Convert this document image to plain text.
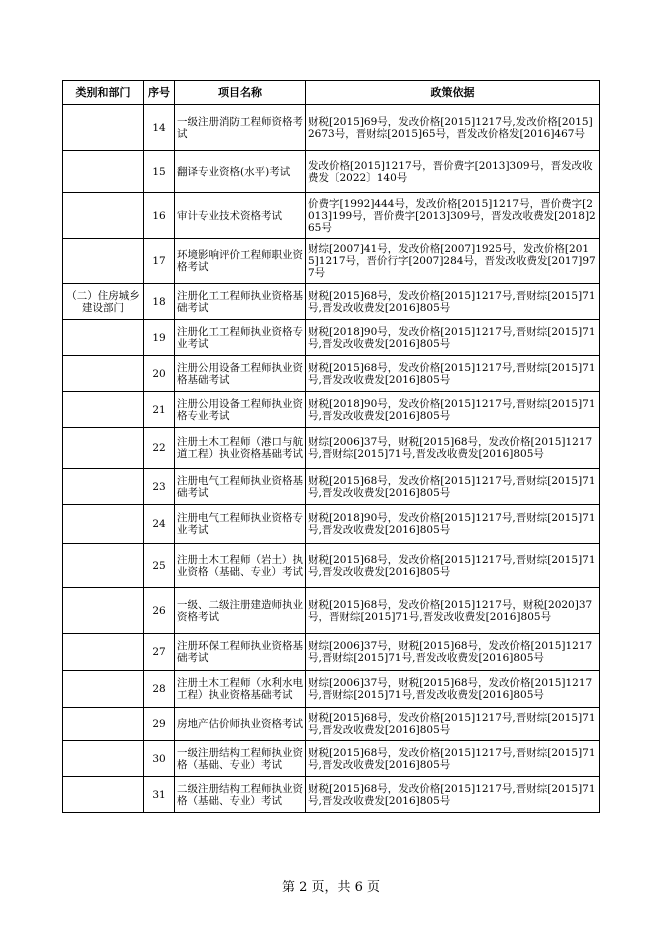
类别和部门	序号	项目名称	政策依据

	14	一级注册消防工程师资格考试	财税[2015]69号，发改价格[2015]1217号,发改价格[2015]2673号，晋财综[2015]65号，晋发改价格发[2016]467号

	15	翻译专业资格(水平)考试	发改价格[2015]1217号，晋价费字[2013]309号，晋发改收费发〔2022〕140号

	16	审计专业技术资格考试	价费字[1992]444号，发改价格[2015]1217号，晋价费字[2013]199号，晋价费字[2013]309号，晋发改收费发[2018]265号

	17	环境影响评价工程师职业资格考试	财综[2007]41号，发改价格[2007]1925号，发改价格[2015]1217号，晋价行字[2007]284号，晋发改收费发[2017]977号

（二）住房城乡建设部门	18	注册化工工程师执业资格基础考试	财税[2015]68号，发改价格[2015]1217号,晋财综[2015]71号,晋发改收费发[2016]805号

	19	注册化工工程师执业资格专业考试	财税[2018]90号，发改价格[2015]1217号,晋财综[2015]71号,晋发改收费发[2016]805号

	20	注册公用设备工程师执业资格基础考试	财税[2015]68号，发改价格[2015]1217号,晋财综[2015]71号,晋发改收费发[2016]805号

	21	注册公用设备工程师执业资格专业考试	财税[2018]90号，发改价格[2015]1217号,晋财综[2015]71号,晋发改收费发[2016]805号

	22	注册土木工程师（港口与航道工程）执业资格基础考试	财综[2006]37号，财税[2015]68号，发改价格[2015]1217号,晋财综[2015]71号,晋发改收费发[2016]805号

	23	注册电气工程师执业资格基础考试	财税[2015]68号，发改价格[2015]1217号,晋财综[2015]71号,晋发改收费发[2016]805号

	24	注册电气工程师执业资格专业考试	财税[2018]90号，发改价格[2015]1217号,晋财综[2015]71号,晋发改收费发[2016]805号

	25	注册土木工程师（岩土）执业资格（基础、专业）考试	财税[2015]68号，发改价格[2015]1217号,晋财综[2015]71号,晋发改收费发[2016]805号

	26	一级、二级注册建造师执业资格考试	财税[2015]68号，发改价格[2015]1217号，财税[2020]37号，晋财综[2015]71号,晋发改收费发[2016]805号

	27	注册环保工程师执业资格基础考试	财综[2006]37号，财税[2015]68号，发改价格[2015]1217号,晋财综[2015]71号,晋发改收费发[2016]805号

	28	注册土木工程师（水利水电工程）执业资格基础考试	财综[2006]37号，财税[2015]68号，发改价格[2015]1217号,晋财综[2015]71号,晋发改收费发[2016]805号

	29	房地产估价师执业资格考试	财税[2015]68号，发改价格[2015]1217号,晋财综[2015]71号,晋发改收费发[2016]805号

	30	一级注册结构工程师执业资格（基础、专业）考试	财税[2015]68号，发改价格[2015]1217号,晋财综[2015]71号,晋发改收费发[2016]805号

	31	二级注册结构工程师执业资格（基础、专业）考试	财税[2015]68号，发改价格[2015]1217号,晋财综[2015]71号,晋发改收费发[2016]805号
第 2 页，共 6 页
